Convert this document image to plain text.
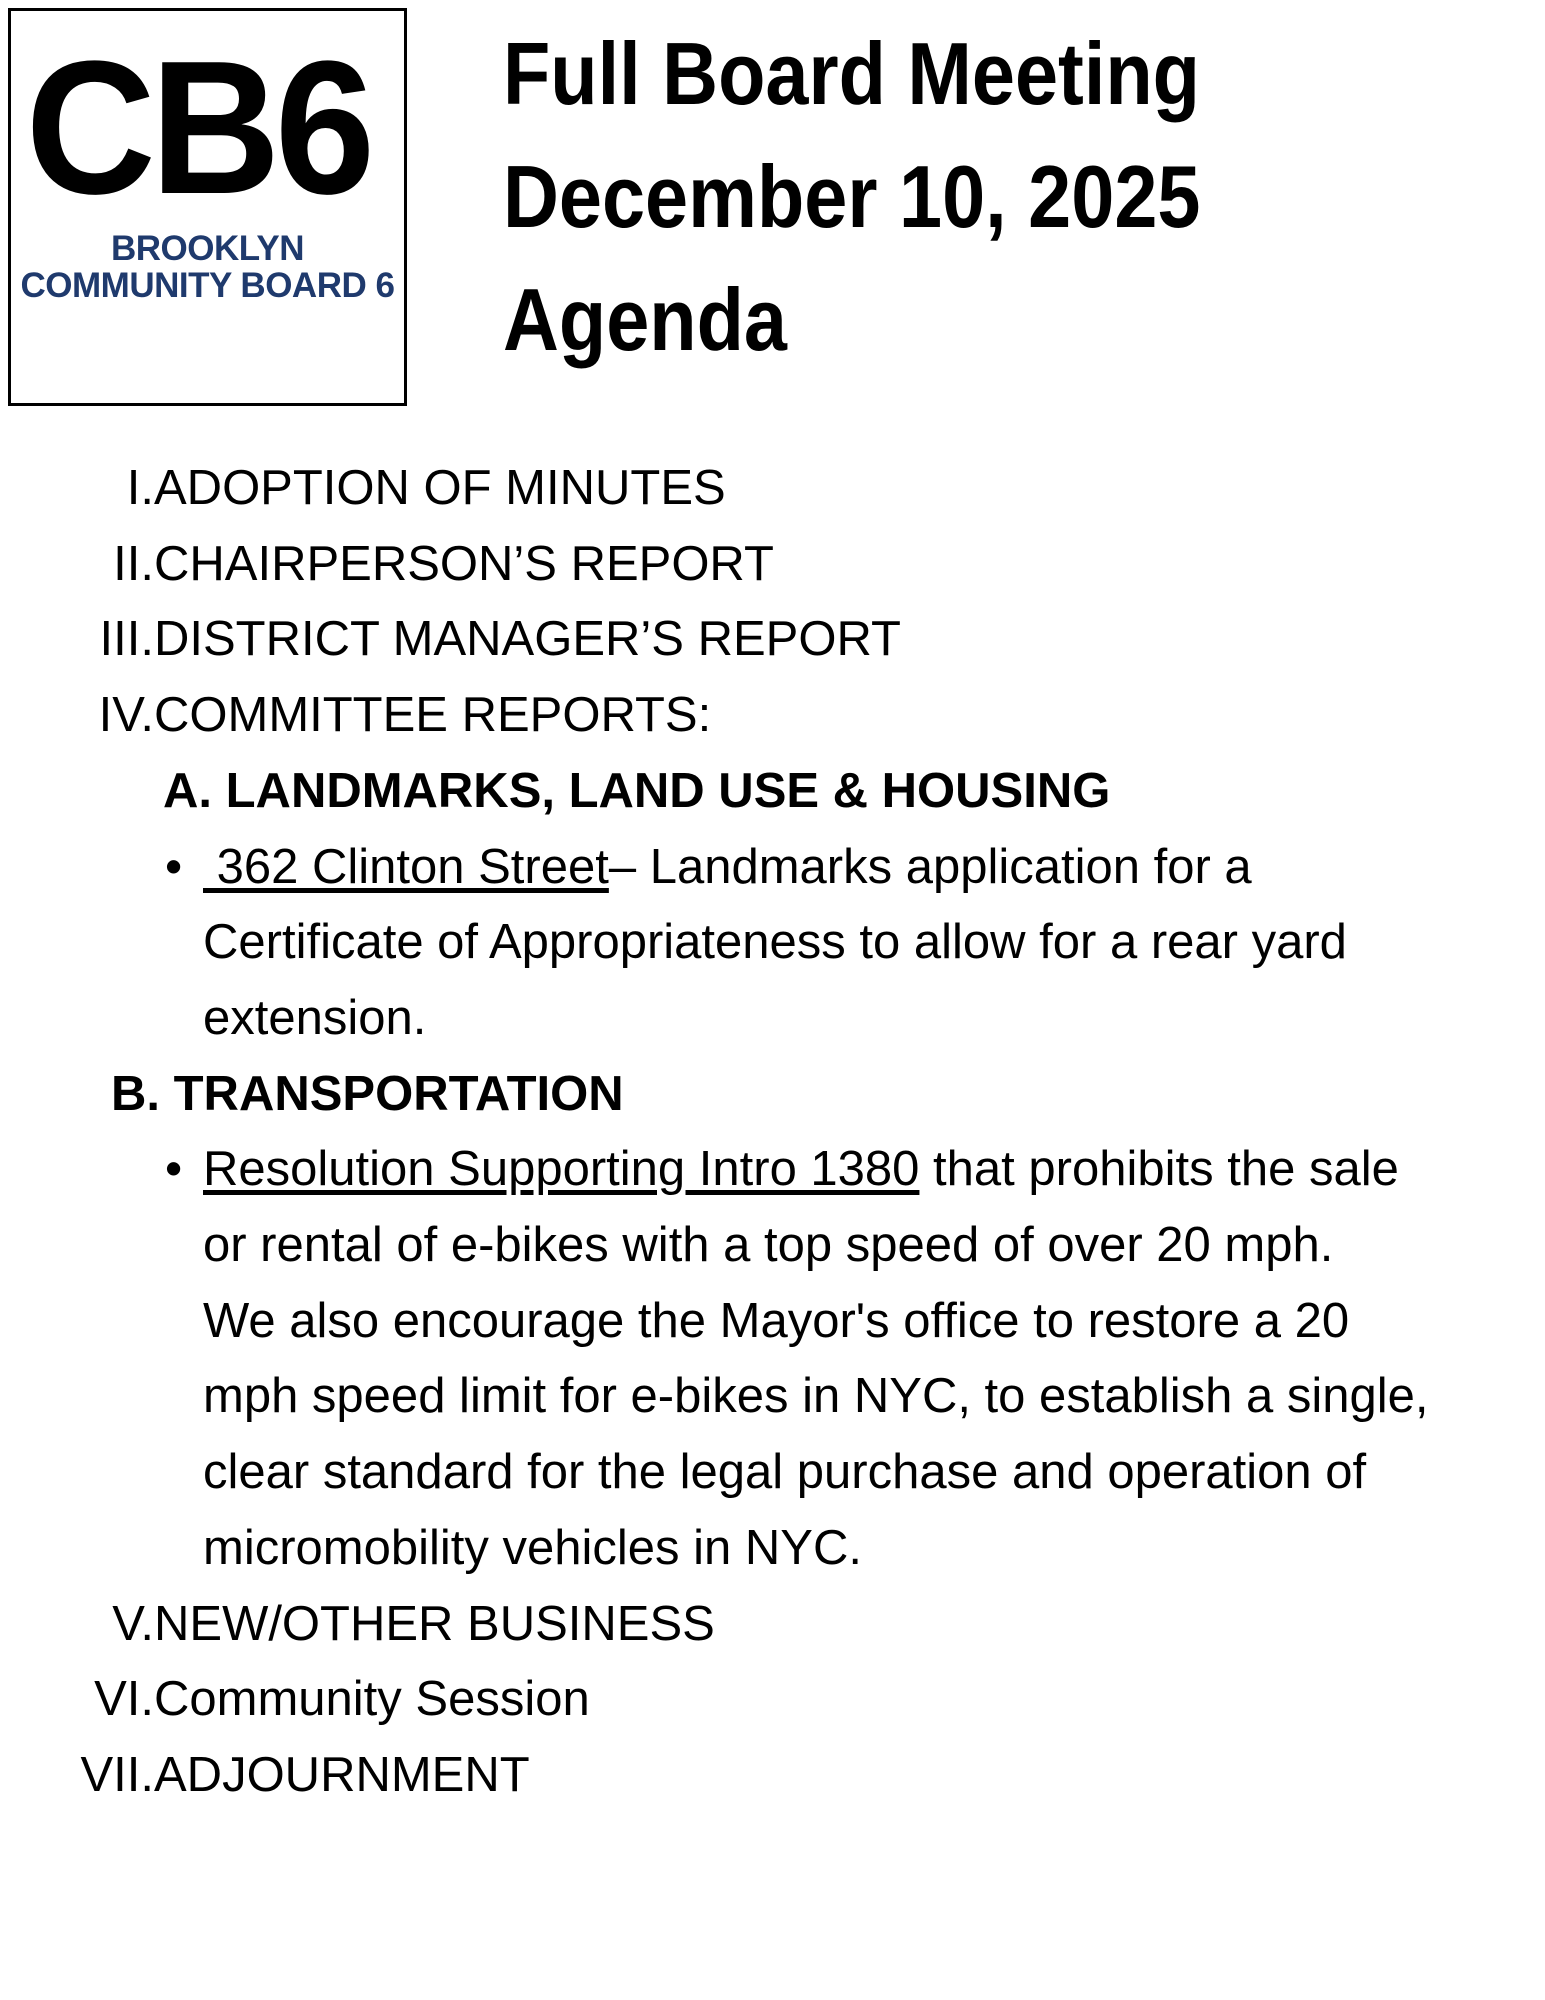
CB6
BROOKLYN
COMMUNITY BOARD 6
Full Board Meeting
December 10, 2025
Agenda
I. ADOPTION OF MINUTES
II. CHAIRPERSON’S REPORT
III. DISTRICT MANAGER’S REPORT
IV. COMMITTEE REPORTS:
A. LANDMARKS, LAND USE & HOUSING
• 362 Clinton Street– Landmarks application for a
Certificate of Appropriateness to allow for a rear yard
extension.
B. TRANSPORTATION
• Resolution Supporting Intro 1380 that prohibits the sale
or rental of e-bikes with a top speed of over 20 mph.
We also encourage the Mayor's office to restore a 20
mph speed limit for e-bikes in NYC, to establish a single,
clear standard for the legal purchase and operation of
micromobility vehicles in NYC.
V. NEW/OTHER BUSINESS
VI. Community Session
VII. ADJOURNMENT
